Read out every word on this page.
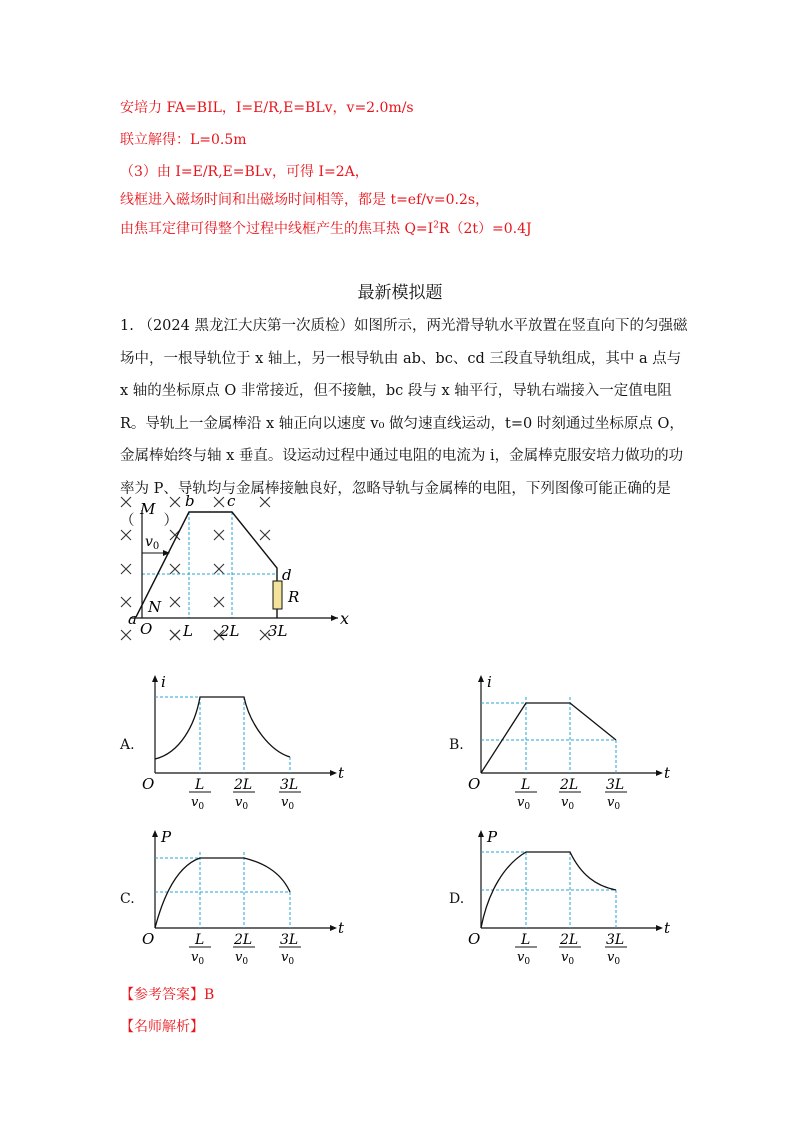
安培力 FA=BIL，I=E/R,E=BLv，v=2.0m/s
联立解得：L=0.5m
（3）由 I=E/R,E=BLv，可得 I=2A，
线框进入磁场时间和出磁场时间相等，都是 t=ef/v=0.2s，
由焦耳定律可得整个过程中线框产生的焦耳热 $Q=I^2R(2t)=0.4J$
最新模拟题
1. （2024 黑龙江大庆第一次质检）如图所示，两光滑导轨水平放置在竖直向下的匀强磁场中，一根导轨位于 x 轴上，另一根导轨由 ab、bc、cd 三段直导轨组成，其中 a 点与 x 轴的坐标原点 O 非常接近，但不接触，bc 段与 x 轴平行，导轨右端接入一定值电阻 R。导轨上一金属棒沿 x 轴正向以速度 v₀ 做匀速直线运动，t=0 时刻通过坐标原点 O，金属棒始终与轴 x 垂直。设运动过程中通过电阻的电流为 i，金属棒克服安培力做功的功率为 P、导轨均与金属棒接触良好，忽略导轨与金属棒的电阻，下列图像可能正确的是（　　）
M b c
d
N
a
O
R
x
$v_0$
L 2L 3L
A.	B.
C.	D.
i
t
O	L
$v_0$
2L
$v_0$
3L
$v_0$
i
t
O	L
$v_0$
2L
$v_0$
3L
$v_0$
P
t
O	L
$v_0$
2L
$v_0$
3L
$v_0$
P
t
O	L
$v_0$
2L
$v_0$
3L
$v_0$
【参考答案】B
【名师解析】
